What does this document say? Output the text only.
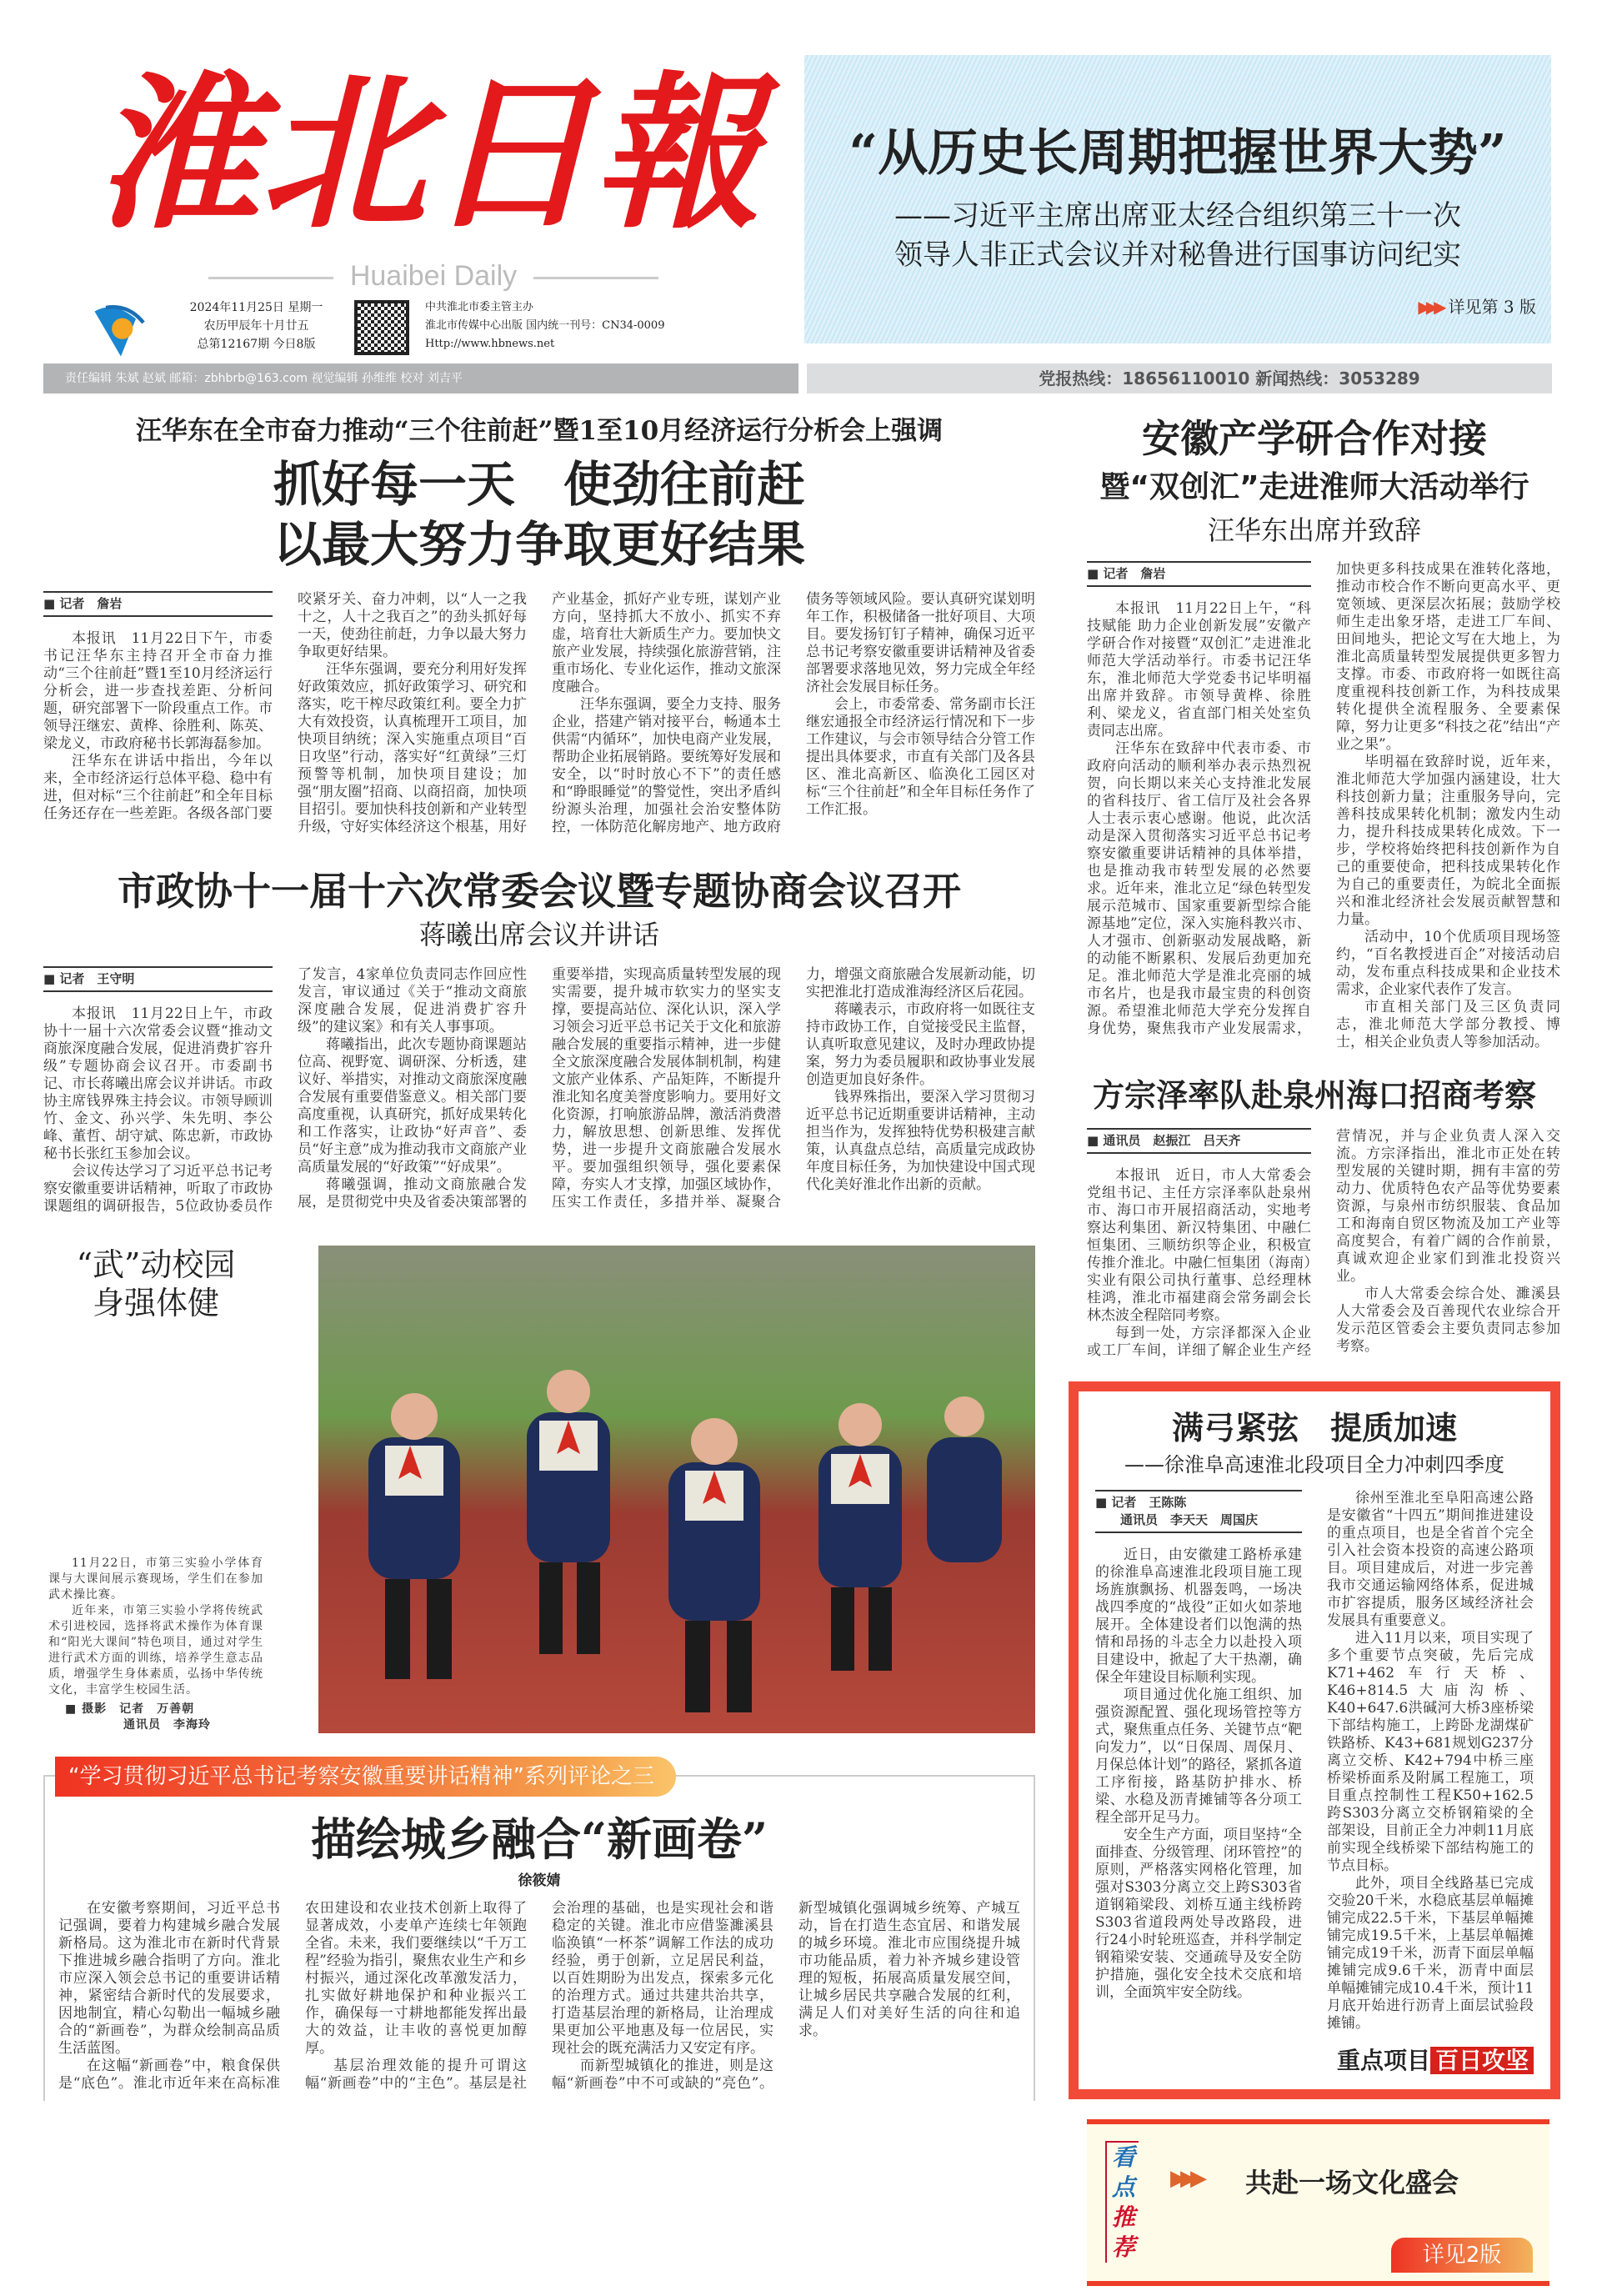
淮北日報
Huaibei Daily
2024年11月25日 星期一
农历甲辰年十月廿五
总第12167期 今日8版
中共淮北市委主管主办
淮北市传媒中心出版 国内统一刊号：CN34-0009
Http://www.hbnews.net
责任编辑 朱斌 赵斌 邮箱：zbhbrb@163.com 视觉编辑 孙维维 校对 刘吉平	党报热线：18656110010 新闻热线：3053289
“从历史长周期把握世界大势”
——习近平主席出席亚太经合组织第三十一次
领导人非正式会议并对秘鲁进行国事访问纪实
▶▶▶ 详见第 3 版
汪华东在全市奋力推动“三个往前赶”暨1至10月经济运行分析会上强调
抓好每一天　使劲往前赶
以最大努力争取更好结果
■ 记者　詹岩

本报讯　11月22日下午，市委书记汪华东主持召开全市奋力推动“三个往前赶”暨1至10月经济运行分析会，进一步查找差距、分析问题，研究部署下一阶段重点工作。市领导汪继宏、黄桦、徐胜利、陈英、梁龙义，市政府秘书长郭海磊参加。

汪华东在讲话中指出，今年以来，全市经济运行总体平稳、稳中有进，但对标“三个往前赶”和全年目标任务还存在一些差距。各级各部门要咬紧牙关、奋力冲刺，以“人一之我十之，人十之我百之”的劲头抓好每一天，使劲往前赶，力争以最大努力争取更好结果。

汪华东强调，要充分利用好发挥好政策效应，抓好政策学习、研究和落实，吃干榨尽政策红利。要全力扩大有效投资，认真梳理开工项目，加快项目纳统；深入实施重点项目“百日攻坚”行动，落实好“红黄绿”三灯预警等机制，加快项目建设；加强“朋友圈”招商、以商招商，加快项目招引。要加快科技创新和产业转型升级，守好实体经济这个根基，用好产业基金，抓好产业专班，谋划产业方向，坚持抓大不放小、抓实不弃虚，培育壮大新质生产力。要加快文旅产业发展，持续强化旅游营销，注重市场化、专业化运作，推动文旅深度融合。

汪华东强调，要全力支持、服务企业，搭建产销对接平台，畅通本土供需“内循环”，加快电商产业发展，帮助企业拓展销路。要统筹好发展和安全，以“时时放心不下”的责任感和“睁眼睡觉”的警觉性，突出矛盾纠纷源头治理，加强社会治安整体防控，一体防范化解房地产、地方政府债务等领域风险。要认真研究谋划明年工作，积极储备一批好项目、大项目。要发扬钉钉子精神，确保习近平总书记考察安徽重要讲话精神及省委部署要求落地见效，努力完成全年经济社会发展目标任务。

会上，市委常委、常务副市长汪继宏通报全市经济运行情况和下一步工作建议，与会市领导结合分管工作提出具体要求，市直有关部门及各县区、淮北高新区、临涣化工园区对标“三个往前赶”和全年目标任务作了工作汇报。

市政协十一届十六次常委会议暨专题协商会议召开
蒋曦出席会议并讲话
■ 记者　王守明

本报讯　11月22日上午，市政协十一届十六次常委会议暨“推动文商旅深度融合发展，促进消费扩容升级”专题协商会议召开。市委副书记、市长蒋曦出席会议并讲话。市政协主席钱界殊主持会议。市领导顾训竹、金文、孙兴学、朱先明、李公峰、董哲、胡守斌、陈忠新，市政协秘书长张红玉参加会议。

会议传达学习了习近平总书记考察安徽重要讲话精神，听取了市政协课题组的调研报告，5位政协委员作了发言，4家单位负责同志作回应性发言，审议通过《关于“推动文商旅深度融合发展，促进消费扩容升级”的建议案》和有关人事事项。

蒋曦指出，此次专题协商课题站位高、视野宽、调研深、分析透，建议好、举措实，对推动文商旅深度融合发展有重要借鉴意义。相关部门要高度重视，认真研究，抓好成果转化和工作落实，让政协“好声音”、委员“好主意”成为推动我市文商旅产业高质量发展的“好政策”“好成果”。

蒋曦强调，推动文商旅融合发展，是贯彻党中央及省委决策部署的重要举措，实现高质量转型发展的现实需要，提升城市软实力的坚实支撑，要提高站位、深化认识，深入学习领会习近平总书记关于文化和旅游融合发展的重要指示精神，进一步健全文旅深度融合发展体制机制，构建文旅产业体系、产品矩阵，不断提升淮北知名度美誉度影响力。要用好文化资源，打响旅游品牌，激活消费潜力，解放思想、创新思维、发挥优势，进一步提升文商旅融合发展水平。要加强组织领导，强化要素保障，夯实人才支撑，加强区域协作，压实工作责任，多措并举、凝聚合力，增强文商旅融合发展新动能，切实把淮北打造成淮海经济区后花园。

蒋曦表示，市政府将一如既往支持市政协工作，自觉接受民主监督，认真听取意见建议，及时办理政协提案，努力为委员履职和政协事业发展创造更加良好条件。

钱界殊指出，要深入学习贯彻习近平总书记近期重要讲话精神，主动担当作为，发挥独特优势积极建言献策，认真盘点总结，高质量完成政协年度目标任务，为加快建设中国式现代化美好淮北作出新的贡献。

“武”动校园
身强体健

11月22日，市第三实验小学体育课与大课间展示赛现场，学生们在参加武术操比赛。

近年来，市第三实验小学将传统武术引进校园，选择将武术操作为体育课和“阳光大课间”特色项目，通过对学生进行武术方面的训练，培养学生意志品质，增强学生身体素质，弘扬中华传统文化，丰富学生校园生活。

■ 摄影　记者　万善朝
通讯员　李海玲
“学习贯彻习近平总书记考察安徽重要讲话精神”系列评论之三
描绘城乡融合“新画卷”
徐筱婧

在安徽考察期间，习近平总书记强调，要着力构建城乡融合发展新格局。这为淮北市在新时代背景下推进城乡融合指明了方向。淮北市应深入领会总书记的重要讲话精神，紧密结合新时代的发展要求，因地制宜，精心勾勒出一幅城乡融合的“新画卷”，为群众绘制高品质生活蓝图。

在这幅“新画卷”中，粮食保供是“底色”。淮北市近年来在高标准农田建设和农业技术创新上取得了显著成效，小麦单产连续七年领跑全省。未来，我们要继续以“千万工程”经验为指引，聚焦农业生产和乡村振兴，通过深化改革激发活力，扎实做好耕地保护和种业振兴工作，确保每一寸耕地都能发挥出最大的效益，让丰收的喜悦更加醇厚。

基层治理效能的提升可谓这幅“新画卷”中的“主色”。基层是社会治理的基础，也是实现社会和谐稳定的关键。淮北市应借鉴濉溪县临涣镇“一杯茶”调解工作法的成功经验，勇于创新，立足居民利益，以百姓期盼为出发点，探索多元化的治理方式。通过共建共治共享，打造基层治理的新格局，让治理成果更加公平地惠及每一位居民，实现社会的既充满活力又安定有序。

而新型城镇化的推进，则是这幅“新画卷”中不可或缺的“亮色”。新型城镇化强调城乡统筹、产城互动，旨在打造生态宜居、和谐发展的城乡环境。淮北市应围绕提升城市功能品质，着力补齐城乡建设管理的短板，拓展高质量发展空间，让城乡居民共享融合发展的红利，满足人们对美好生活的向往和追求。

安徽产学研合作对接
暨“双创汇”走进淮师大活动举行
汪华东出席并致辞
■ 记者　詹岩

本报讯　11月22日上午，“科技赋能 助力企业创新发展”安徽产学研合作对接暨“双创汇”走进淮北师范大学活动举行。市委书记汪华东，淮北师范大学党委书记毕明福出席并致辞。市领导黄桦、徐胜利、梁龙义，省直部门相关处室负责同志出席。

汪华东在致辞中代表市委、市政府向活动的顺利举办表示热烈祝贺，向长期以来关心支持淮北发展的省科技厅、省工信厅及社会各界人士表示衷心感谢。他说，此次活动是深入贯彻落实习近平总书记考察安徽重要讲话精神的具体举措，也是推动我市转型发展的必然要求。近年来，淮北立足“绿色转型发展示范城市、国家重要新型综合能源基地”定位，深入实施科教兴市、人才强市、创新驱动发展战略，新的动能不断累积、发展后劲更加充足。淮北师范大学是淮北亮丽的城市名片，也是我市最宝贵的科创资源。希望淮北师范大学充分发挥自身优势，聚焦我市产业发展需求，加快更多科技成果在淮转化落地，推动市校合作不断向更高水平、更宽领域、更深层次拓展；鼓励学校师生走出象牙塔，走进工厂车间、田间地头，把论文写在大地上，为淮北高质量转型发展提供更多智力支撑。市委、市政府将一如既往高度重视科技创新工作，为科技成果转化提供全流程服务、全要素保障，努力让更多“科技之花”结出“产业之果”。

毕明福在致辞时说，近年来，淮北师范大学加强内涵建设，壮大科技创新力量；注重服务导向，完善科技成果转化机制；激发内生动力，提升科技成果转化成效。下一步，学校将始终把科技创新作为自己的重要使命，把科技成果转化作为自己的重要责任，为皖北全面振兴和淮北经济社会发展贡献智慧和力量。

活动中，10个优质项目现场签约，“百名教授进百企”对接活动启动，发布重点科技成果和企业技术需求，企业家代表作了发言。

市直相关部门及三区负责同志，淮北师范大学部分教授、博士，相关企业负责人等参加活动。

方宗泽率队赴泉州海口招商考察
■ 通讯员　赵振江　吕天齐

本报讯　近日，市人大常委会党组书记、主任方宗泽率队赴泉州市、海口市开展招商活动，实地考察达利集团、新汉特集团、中融仁恒集团、三顺纺织等企业，积极宣传推介淮北。中融仁恒集团（海南）实业有限公司执行董事、总经理林桂鸿，淮北市福建商会常务副会长林杰波全程陪同考察。

每到一处，方宗泽都深入企业或工厂车间，详细了解企业生产经营情况，并与企业负责人深入交流。方宗泽指出，淮北市正处在转型发展的关键时期，拥有丰富的劳动力、优质特色农产品等优势要素资源，与泉州市纺织服装、食品加工和海南自贸区物流及加工产业等高度契合，有着广阔的合作前景，真诚欢迎企业家们到淮北投资兴业。

市人大常委会综合处、濉溪县人大常委会及百善现代农业综合开发示范区管委会主要负责同志参加考察。

满弓紧弦　提质加速
——徐淮阜高速淮北段项目全力冲刺四季度
■ 记者　王陈陈
通讯员　李天天　周国庆

近日，由安徽建工路桥承建的徐淮阜高速淮北段项目施工现场旌旗飘扬、机器轰鸣，一场决战四季度的“战役”正如火如荼地展开。全体建设者们以饱满的热情和昂扬的斗志全力以赴投入项目建设中，掀起了大干热潮，确保全年建设目标顺利实现。

项目通过优化施工组织、加强资源配置、强化现场管控等方式，聚焦重点任务、关键节点“靶向发力”，以“日保周、周保月、月保总体计划”的路径，紧抓各道工序衔接，路基防护排水、桥梁、水稳及沥青摊铺等各分项工程全部开足马力。

安全生产方面，项目坚持“全面排查、分级管理、闭环管控”的原则，严格落实网格化管理，加强对S303分离立交上跨S303省道钢箱梁段、刘桥互通主线桥跨S303省道段两处导改路段，进行24小时轮班巡查，并科学制定钢箱梁安装、交通疏导及安全防护措施，强化安全技术交底和培训，全面筑牢安全防线。

徐州至淮北至阜阳高速公路是安徽省“十四五”期间推进建设的重点项目，也是全省首个完全引入社会资本投资的高速公路项目。项目建成后，对进一步完善我市交通运输网络体系，促进城市扩容提质，服务区域经济社会发展具有重要意义。

进入11月以来，项目实现了多个重要节点突破，先后完成K71+462车行天桥、K46+814.5大庙沟桥、K40+647.6洪碱河大桥3座桥梁下部结构施工，上跨卧龙湖煤矿铁路桥、K43+681规划G237分离立交桥、K42+794中桥三座桥梁桥面系及附属工程施工，项目重点控制性工程K50+162.5跨S303分离立交桥钢箱梁的全部架设，目前正全力冲刺11月底前实现全线桥梁下部结构施工的节点目标。

此外，项目全线路基已完成交验20千米，水稳底基层单幅摊铺完成22.5千米，下基层单幅摊铺完成19.5千米，上基层单幅摊铺完成19千米，沥青下面层单幅摊铺完成9.6千米，沥青中面层单幅摊铺完成10.4千米，预计11月底开始进行沥青上面层试验段摊铺。

重点项目 百日攻坚
看
点
推
荐
▶▶▶ 共赴一场文化盛会
详见2版
